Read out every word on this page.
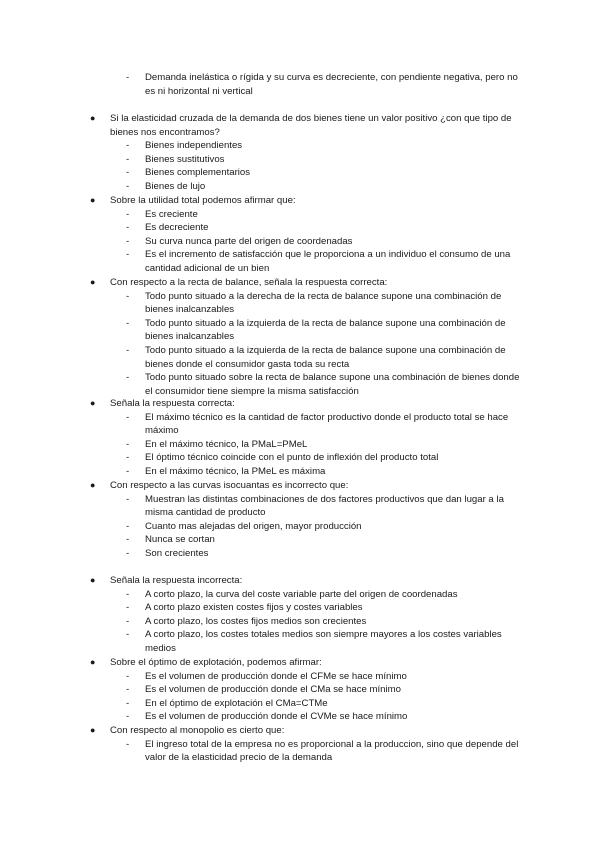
- Demanda inelástica o rígida y su curva es decreciente, con pendiente negativa, pero no es ni horizontal ni vertical
●	Si la elasticidad cruzada de la demanda de dos bienes tiene un valor positivo ¿con que tipo de bienes nos encontramos?
- Bienes independientes
- Bienes sustitutivos
- Bienes complementarios
- Bienes de lujo
●	Sobre la utilidad total podemos afirmar que:
- Es creciente
- Es decreciente
- Su curva nunca parte del origen de coordenadas
- Es el incremento de satisfacción que le proporciona a un individuo el consumo de una cantidad adicional de un bien
●	Con respecto a la recta de balance, señala la respuesta correcta:
- Todo punto situado a la derecha de la recta de balance supone una combinación de bienes inalcanzables
- Todo punto situado a la izquierda de la recta de balance supone una combinación de bienes inalcanzables
- Todo punto situado a la izquierda de la recta de balance supone una combinación de bienes donde el consumidor gasta toda su recta
- Todo punto situado sobre la recta de balance supone una combinación de bienes donde el consumidor tiene siempre la misma satisfacción
●	Señala la respuesta correcta:
- El máximo técnico es la cantidad de factor productivo donde el producto total se hace máximo
- En el máximo técnico, la PMaL=PMeL
- El óptimo técnico coincide con el punto de inflexión del producto total
- En el máximo técnico, la PMeL es máxima
●	Con respecto a las curvas isocuantas es incorrecto que:
- Muestran las distintas combinaciones de dos factores productivos que dan lugar a la misma cantidad de producto
- Cuanto mas alejadas del origen, mayor producción
- Nunca se cortan
- Son crecientes
●	Señala la respuesta incorrecta:
- A corto plazo, la curva del coste variable parte del origen de coordenadas
- A corto plazo existen costes fijos y costes variables
- A corto plazo, los costes fijos medios son crecientes
- A corto plazo, los costes totales medios son siempre mayores a los costes variables medios
●	Sobre el óptimo de explotación, podemos afirmar:
- Es el volumen de producción donde el CFMe se hace mínimo
- Es el volumen de producción donde el CMa se hace mínimo
- En el óptimo de explotación el CMa=CTMe
- Es el volumen de producción donde el CVMe se hace mínimo
●	Con respecto al monopolio es cierto que:
- El ingreso total de la empresa no es proporcional a la produccion, sino que depende del valor de la elasticidad precio de la demanda
